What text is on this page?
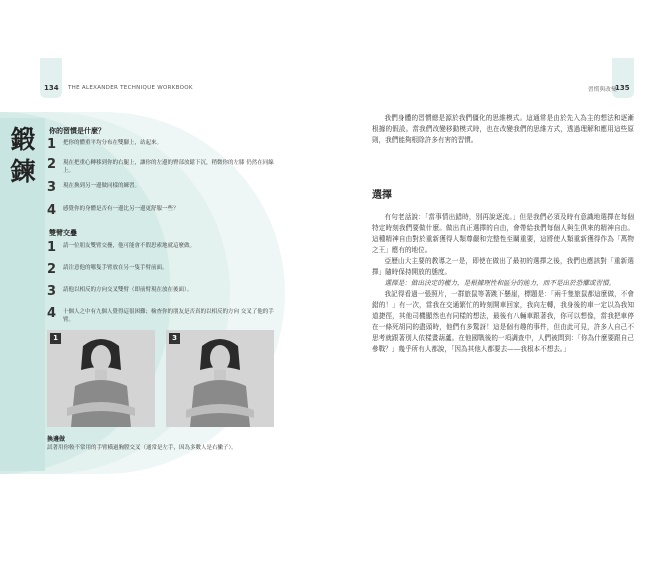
134 THE ALEXANDER TECHNIQUE WORKBOOK	習慣與改變
135
鍛
鍊
你的習慣是什麼？
1 把你的體重平均分布在雙腳上，站起來。
2 現在把重心轉移到你的右腿上，讓你的左邊的臀部放鬆下沉，稍微你的左膝 仍然在同線上。
3 現在換到另一邊做同樣的練習。
4 感覺你的身體是否有一邊比另一邊更舒服一些？
雙臂交疊
1 請一位朋友雙臂交疊，他可能會不假思索地就這麼做。
2 請注意他的哪隻手臂放在另一隻手臂前面。
3 請他以相反的方向交叉雙臂（即前臂現在放在後面）。
4 十個人之中有九個人覺得這很困難；檢查你的朋友是否真的以相反的方向 交叉了他的手臂。
1	3
換邊做
試著用你較不常用的手臂橫過胸膛交叉（通常是左手，因為多數人是右撇子）。

我們身體的習慣總是源於我們僵化的思維模式。這通常是由於先入為主的想法和逐漸根據的假設。當我們改變移動模式時，也在改變我們的思維方式，透過理解和應用這些原則，我們能夠根除許多有害的習慣。

選擇

有句老話說：「當事情出錯時，別再說逐流。」但是我們必須及時有意識地選擇在每個特定時刻我們要做什麼。做出真正選擇的自由，會帶給我們每個人與生俱來的精神自由。這種精神自由對於重新獲得人類尊嚴和完整性至關重要，這將使人類重新獲得作為「萬物之王」應有的地位。

亞歷山大主要的教導之一是，即使在做出了最初的選擇之後，我們也應該對「重新選擇」隨時保持開放的態度。

選擇是：做出決定的權力，是根據理性和區分的能力，而不是出於恐懼或習慣。

我記得看過一張照片，一群旅鼠等著跳下懸崖，標題是：「兩千隻旅鼠都這麼做，不會錯的！」有一次，當我在交通繁忙的時刻開車回家，我向左轉，我身後的車一定以為我知道捷徑，其他司機顯然也有同樣的想法，最後有八輛車跟著我，你可以想像，當我把車停在一條死胡同的盡頭時，他們有多驚訝！這是個有趣的事件，但由此可見，許多人自己不思考就跟著別人依樣畫葫蘆。在他國戰後的一項調查中，人們被問到：「你為什麼要跟自己參戰？」幾乎所有人都說，「因為其他人都要去——我根本不想去。」
